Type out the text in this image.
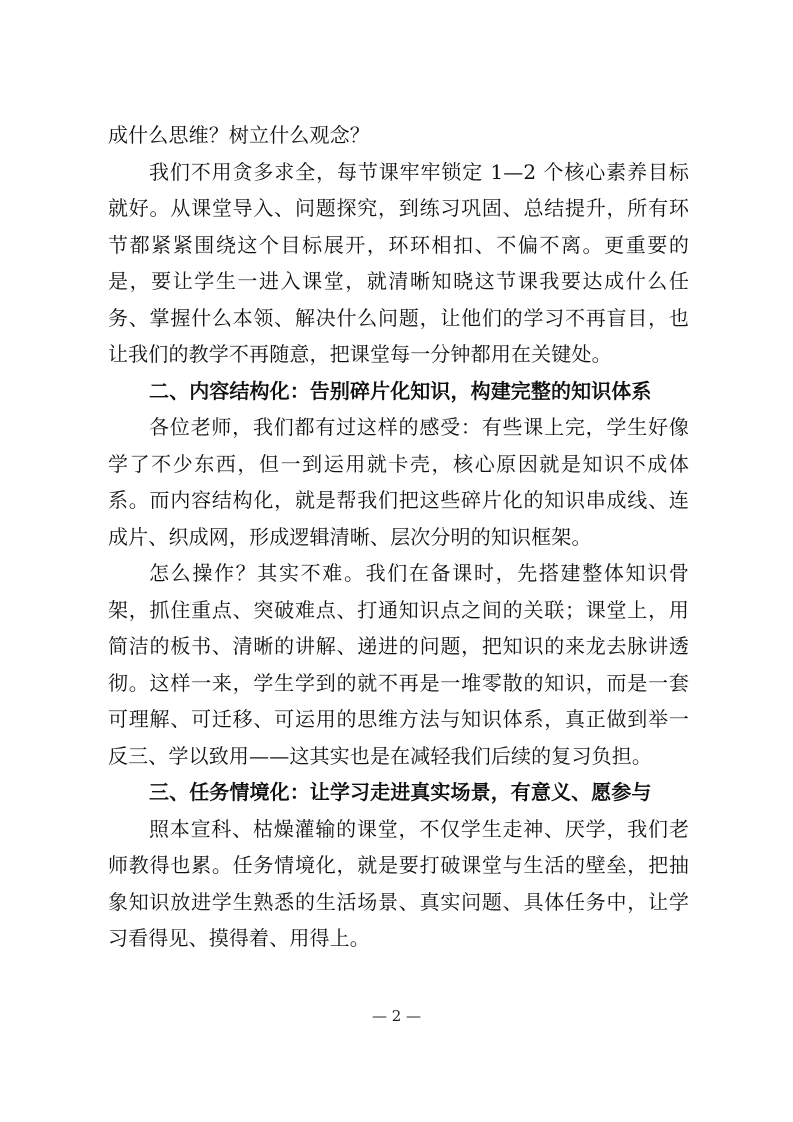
成什么思维？树立什么观念？

我们不用贪多求全，每节课牢牢锁定 1—2 个核心素养目标就好。从课堂导入、问题探究，到练习巩固、总结提升，所有环节都紧紧围绕这个目标展开，环环相扣、不偏不离。更重要的是，要让学生一进入课堂，就清晰知晓这节课我要达成什么任务、掌握什么本领、解决什么问题，让他们的学习不再盲目，也让我们的教学不再随意，把课堂每一分钟都用在关键处。

二、内容结构化：告别碎片化知识，构建完整的知识体系

各位老师，我们都有过这样的感受：有些课上完，学生好像学了不少东西，但一到运用就卡壳，核心原因就是知识不成体系。而内容结构化，就是帮我们把这些碎片化的知识串成线、连成片、织成网，形成逻辑清晰、层次分明的知识框架。

怎么操作？其实不难。我们在备课时，先搭建整体知识骨架，抓住重点、突破难点、打通知识点之间的关联；课堂上，用简洁的板书、清晰的讲解、递进的问题，把知识的来龙去脉讲透彻。这样一来，学生学到的就不再是一堆零散的知识，而是一套可理解、可迁移、可运用的思维方法与知识体系，真正做到举一反三、学以致用——这其实也是在减轻我们后续的复习负担。

三、任务情境化：让学习走进真实场景，有意义、愿参与

照本宣科、枯燥灌输的课堂，不仅学生走神、厌学，我们老师教得也累。任务情境化，就是要打破课堂与生活的壁垒，把抽象知识放进学生熟悉的生活场景、真实问题、具体任务中，让学习看得见、摸得着、用得上。

— 2 —
